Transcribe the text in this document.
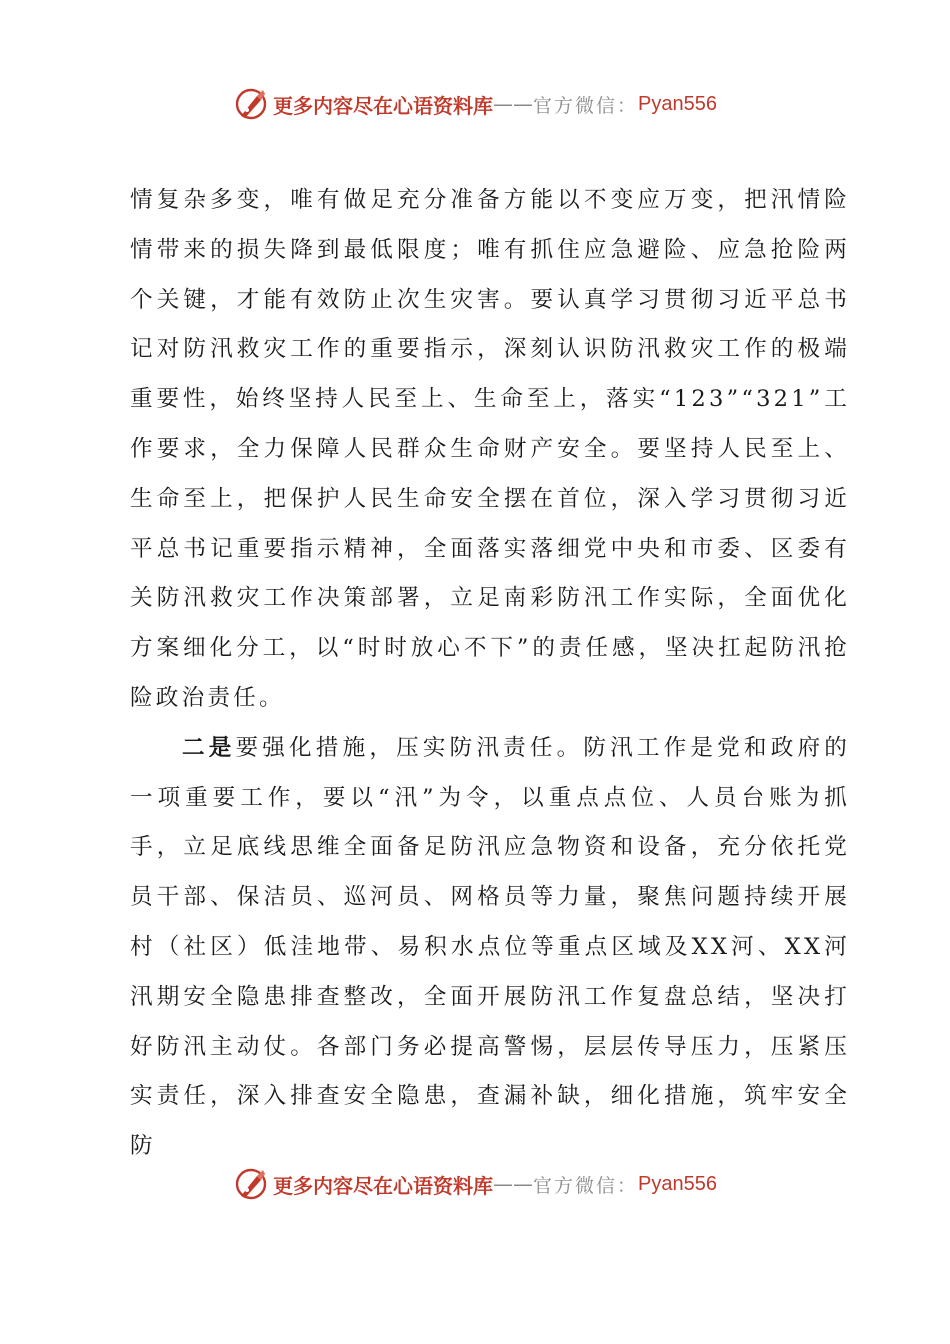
更多内容尽在心语资料库 —— 官方微信： Pyan556

情复杂多变，唯有做足充分准备方能以不变应万变，把汛情险情带来的损失降到最低限度；唯有抓住应急避险、应急抢险两个关键，才能有效防止次生灾害。要认真学习贯彻习近平总书记对防汛救灾工作的重要指示，深刻认识防汛救灾工作的极端重要性，始终坚持人民至上、生命至上，落实“123”“321”工作要求，全力保障人民群众生命财产安全。要坚持人民至上、生命至上，把保护人民生命安全摆在首位，深入学习贯彻习近平总书记重要指示精神，全面落实落细党中央和市委、区委有关防汛救灾工作决策部署，立足南彩防汛工作实际，全面优化方案细化分工，以“时时放心不下”的责任感，坚决扛起防汛抢险政治责任。

二是要强化措施，压实防汛责任。防汛工作是党和政府的一项重要工作，要以“汛”为令，以重点点位、人员台账为抓手，立足底线思维全面备足防汛应急物资和设备，充分依托党员干部、保洁员、巡河员、网格员等力量，聚焦问题持续开展村（社区）低洼地带、易积水点位等重点区域及XX河、XX河汛期安全隐患排查整改，全面开展防汛工作复盘总结，坚决打好防汛主动仗。各部门务必提高警惕，层层传导压力，压紧压实责任，深入排查安全隐患，查漏补缺，细化措施，筑牢安全防

更多内容尽在心语资料库 —— 官方微信： Pyan556
